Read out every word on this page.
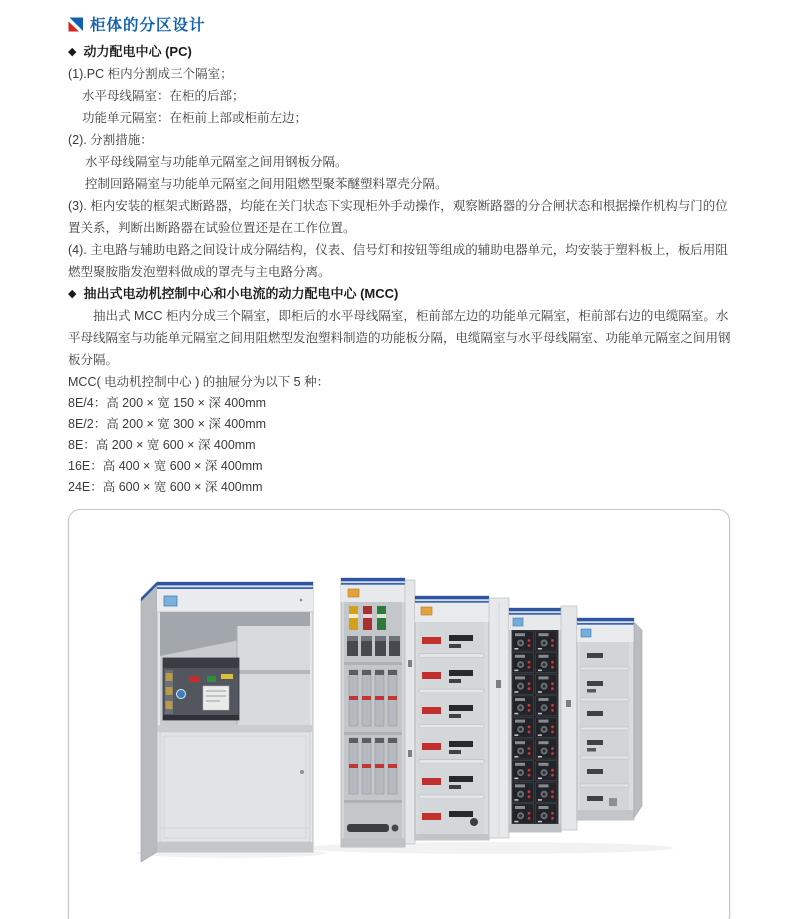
柜体的分区设计
◆ 动力配电中心 (PC)
(1).PC 柜内分割成三个隔室；
水平母线隔室：在柜的后部；
功能单元隔室：在柜前上部或柜前左边；
(2). 分割措施：
水平母线隔室与功能单元隔室之间用钢板分隔。
控制回路隔室与功能单元隔室之间用阻燃型聚苯醚塑料罩壳分隔。
(3). 柜内安装的框架式断路器，均能在关门状态下实现柜外手动操作，观察断路器的分合闸状态和根据操作机构与门的位置关系，判断出断路器在试验位置还是在工作位置。
(4). 主电路与辅助电路之间设计成分隔结构，仪表、信号灯和按钮等组成的辅助电器单元，均安装于塑料板上，板后用阻燃型聚胺脂发泡塑料做成的罩壳与主电路分离。
◆ 抽出式电动机控制中心和小电流的动力配电中心 (MCC)
抽出式 MCC 柜内分成三个隔室，即柜后的水平母线隔室，柜前部左边的功能单元隔室，柜前部右边的电缆隔室。水平母线隔室与功能单元隔室之间用阻燃型发泡塑料制造的功能板分隔，电缆隔室与水平母线隔室、功能单元隔室之间用钢板分隔。
MCC( 电动机控制中心 ) 的抽屉分为以下 5 种：
8E/4：高 200 × 宽 150 × 深 400mm
8E/2：高 200 × 宽 300 × 深 400mm
8E：高 200 × 宽 600 × 深 400mm
16E：高 400 × 宽 600 × 深 400mm
24E：高 600 × 宽 600 × 深 400mm
